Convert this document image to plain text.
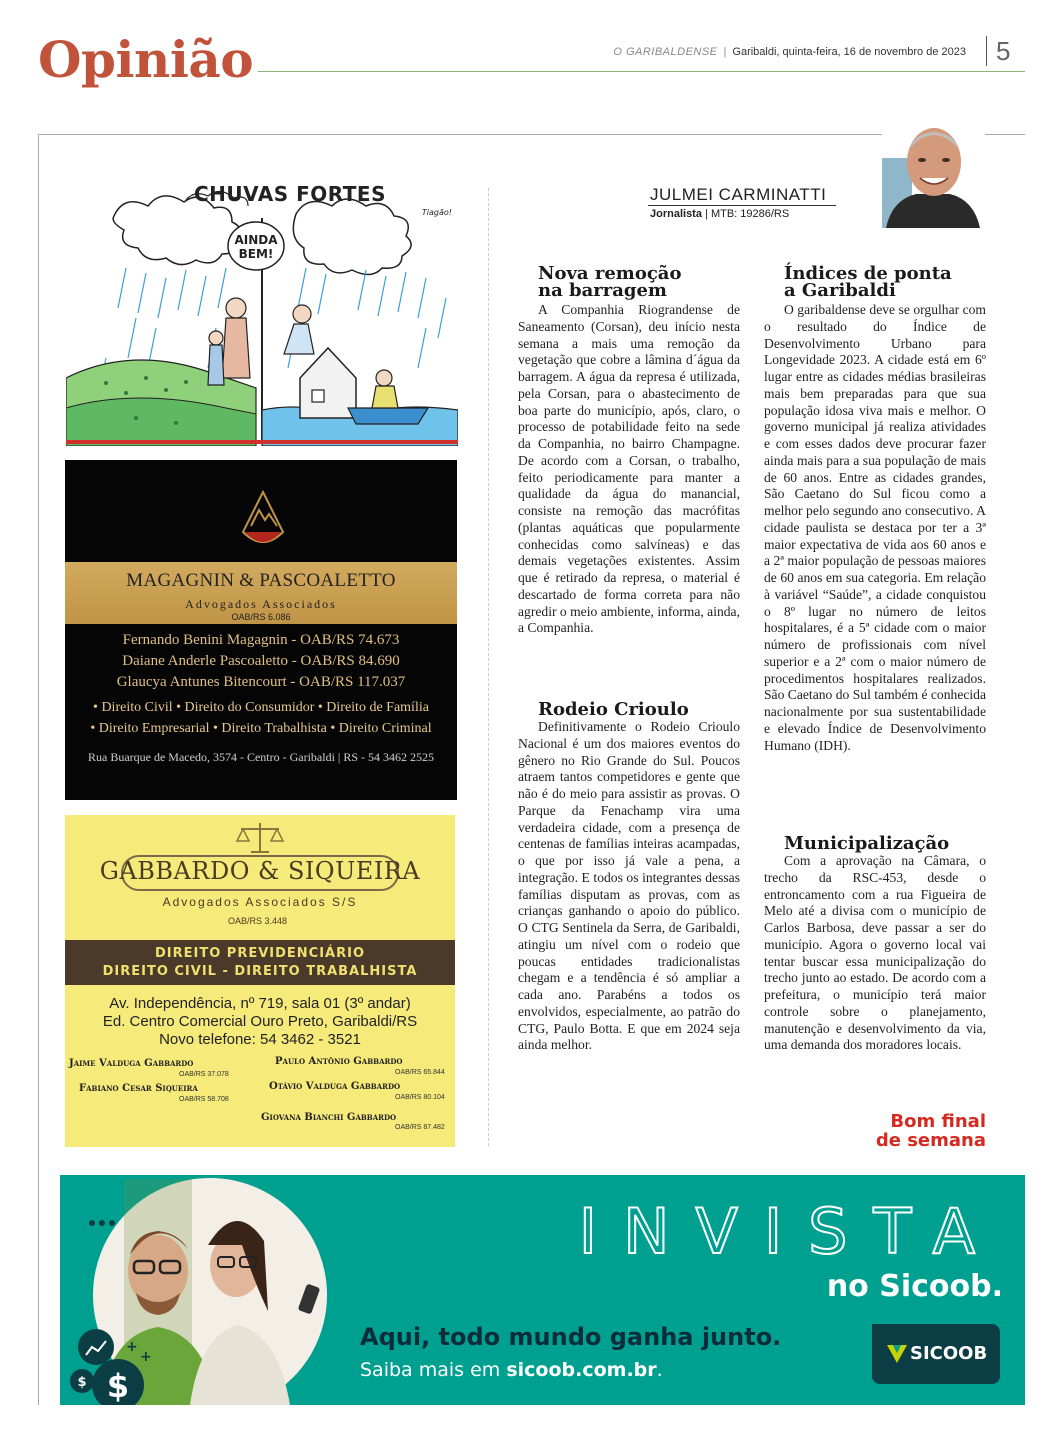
Opinião	O GARIBALDENSE | Garibaldi, quinta-feira, 16 de novembro de 2023 5
AINDA
BEM!
CHUVAS FORTES
Tiagão!
MAGAGNIN & PASCOALETTO
Advogados Associados
OAB/RS 6.086
Fernando Benini Magagnin - OAB/RS 74.673
Daiane Anderle Pascoaletto - OAB/RS 84.690
Glaucya Antunes Bitencourt - OAB/RS 117.037
• Direito Civil • Direito do Consumidor • Direito de Família
• Direito Empresarial • Direito Trabalhista • Direito Criminal
Rua Buarque de Macedo, 3574 - Centro - Garibaldi | RS - 54 3462 2525
GABBARDO & SIQUEIRA
Advogados Associados S/S
OAB/RS 3.448
DIREITO PREVIDENCIÁRIO
DIREITO CIVIL - DIREITO TRABALHISTA
Av. Independência, nº 719, sala 01 (3º andar)
Ed. Centro Comercial Ouro Preto, Garibaldi/RS
Novo telefone: 54 3462 - 3521
Jaime Valduga Gabbardo
OAB/RS 37.078
Paulo Antônio Gabbardo
OAB/RS 65.844
Fabiano Cesar Siqueira
OAB/RS 58.708
Otávio Valduga Gabbardo
OAB/RS 80.104
Giovana Bianchi Gabbardo
OAB/RS 87.482
JULMEI CARMINATTI
Jornalista | MTB: 19286/RS
Nova remoção
na barragem
A Companhia Riograndense de Saneamento (Corsan), deu início nesta semana a mais uma remoção da vegetação que cobre a lâmina d´água da barragem. A água da represa é utilizada, pela Corsan, para o abastecimento de boa parte do município, após, claro, o processo de potabilidade feito na sede da Companhia, no bairro Champagne. De acordo com a Corsan, o trabalho, feito periodicamente para manter a qualidade da água do manancial, consiste na remoção das macrófitas (plantas aquáticas que popularmente conhecidas como salvíneas) e das demais vegetações existentes. Assim que é retirado da represa, o material é descartado de forma correta para não agredir o meio ambiente, informa, ainda, a Companhia.
Rodeio Crioulo
Definitivamente o Rodeio Crioulo Nacional é um dos maiores eventos do gênero no Rio Grande do Sul. Poucos atraem tantos competidores e gente que não é do meio para assistir as provas. O Parque da Fenachamp vira uma verdadeira cidade, com a presença de centenas de famílias inteiras acampadas, o que por isso já vale a pena, a integração. E todos os integrantes dessas famílias disputam as provas, com as crianças ganhando o apoio do público. O CTG Sentinela da Serra, de Garibaldi, atingiu um nível com o rodeio que poucas entidades tradicionalistas chegam e a tendência é só ampliar a cada ano. Parabéns a todos os envolvidos, especialmente, ao patrão do CTG, Paulo Botta. E que em 2024 seja ainda melhor.
Índices de ponta
a Garibaldi
O garibaldense deve se orgulhar com o resultado do Índice de Desenvolvimento Urbano para Longevidade 2023. A cidade está em 6º lugar entre as cidades médias brasileiras mais bem preparadas para que sua população idosa viva mais e melhor. O governo municipal já realiza atividades e com esses dados deve procurar fazer ainda mais para a sua população de mais de 60 anos. Entre as cidades grandes, São Caetano do Sul ficou como a melhor pelo segundo ano consecutivo. A cidade paulista se destaca por ter a 3ª maior expectativa de vida aos 60 anos e a 2ª maior população de pessoas maiores de 60 anos em sua categoria. Em relação à variável “Saúde”, a cidade conquistou o 8º lugar no número de leitos hospitalares, é a 5ª cidade com o maior número de profissionais com nível superior e a 2ª com o maior número de procedimentos hospitalares realizados. São Caetano do Sul também é conhecida nacionalmente por sua sustentabilidade e elevado Índice de Desenvolvimento Humano (IDH).
Municipalização
Com a aprovação na Câmara, o trecho da RSC-453, desde o entroncamento com a rua Figueira de Melo até a divisa com o município de Carlos Barbosa, deve passar a ser do município. Agora o governo local vai tentar buscar essa municipalização do trecho junto ao estado. De acordo com a prefeitura, o município terá maior controle sobre o planejamento, manutenção e desenvolvimento da via, uma demanda dos moradores locais.
Bom final
de semana
$
$
+
+
INVISTA
no Sicoob.
Aqui, todo mundo ganha junto.
Saiba mais em sicoob.com.br.
SICOOB
